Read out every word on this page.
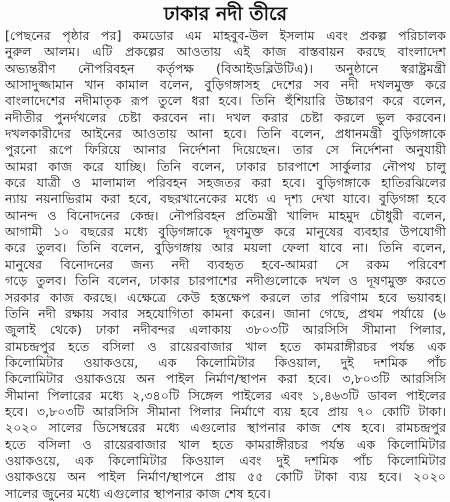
ঢাকার নদী তীরে
[পেছনের পৃষ্ঠার পর] কমডোর এম মাহবুব-উল ইসলাম এবং প্রকল্প পরিচালক
নুরুল আলম। এটি প্রকল্পের আওতায় এই কাজ বাস্তবায়ন করছে বাংলাদেশ
অভ্যন্তরীণ নৌপরিবহন কর্তৃপক্ষ (বিআইডব্লিউটিএ)। অনুষ্ঠানে স্বরাষ্ট্রমন্ত্রী
আসাদুজ্জামান খান কামাল বলেন, বুড়িগঙ্গাসহ দেশের সব নদী দখলমুক্ত করে
বাংলাদেশের নদীমাতৃক রূপ তুলে ধরা হবে। তিনি হুঁশিয়ারি উচ্চারণ করে বলেন,
নদীতীর পুনর্দখলের চেষ্টা করবেন না। দখল করার চেষ্টা করলে ভুল করবেন।
দখলকারীদের আইনের আওতায় আনা হবে। তিনি বলেন, প্রধানমন্ত্রী বুড়িগঙ্গাকে
পুরনো রূপে ফিরিয়ে আনার নির্দেশনা দিয়েছেন। তার সে নির্দেশনা অনুযায়ী
আমরা কাজ করে যাচ্ছি। তিনি বলেন, ঢাকার চারপাশে সার্কুলার নৌপথ চালু
করে যাত্রী ও মালামাল পরিবহন সহজতর করা হবে। বুড়িগঙ্গাকে হাতিরঝিলের
ন্যায় নয়নাভিরাম করা হবে, বছরখানেকের মধ্যে এ দৃশ্য দেখা যাবে। বুড়িগঙ্গা হবে
আনন্দ ও বিনোদনের কেন্দ্র। নৌপরিবহন প্রতিমন্ত্রী খালিদ মাহমুদ চৌধুরী বলেন,
আগামী ১০ বছরের মধ্যে বুড়িগঙ্গাকে দূষণমুক্ত করে মানুষের ব্যবহার উপযোগী
করে তুলব। তিনি বলেন, বুড়িগঙ্গায় আর ময়লা ফেলা যাবে না। তিনি বলেন,
মানুষের বিনোদনের জন্য নদী ব্যবহৃত হবে-আমরা সে রকম পরিবেশ
গড়ে তুলব। তিনি বলেন, ঢাকার চারপাশের নদীগুলোকে দখল ও দূষণমুক্ত করতে
সরকার কাজ করছে। এক্ষেত্রে কেউ হস্তক্ষেপ করলে তার পরিণাম হবে ভয়াবহ।
তিনি নদী রক্ষায় সবার সহযোগিতা কামনা করেন। জানা গেছে, প্রথম পর্যায়ে (৬
জুলাই থেকে) ঢাকা নদীবন্দর এলাকায় ৩৮০৩টি আরসিসি সীমানা পিলার,
রামচন্দ্রপুর হতে বসিলা ও রায়েরবাজার খাল হতে কামরাঙ্গীরচর পর্যন্ত এক
কিলোমিটার ওয়াকওয়ে, এক কিলোমিটার কিওয়াল, দুই দশমিক পাঁচ
কিলোমিটার ওয়াকওয়ে অন পাইল নির্মাণ/স্থাপন করা হবে। ৩,৮০৩টি আরসিসি
সীমানা পিলারের মধ্যে ২,৩৪০টি সিঙ্গেল পাইলের এবং ১,৪৬৩টি ডাবল পাইলের
হবে। ৩,৮০৩টি আরসিসি সীমানা পিলার নির্মাণে ব্যয় হবে প্রায় ৭০ কোটি টাকা।
২০২০ সালের ডিসেম্বরের মধ্যে এগুলোর স্থাপনার কাজ শেষ হবে। রামচন্দ্রপুর
হতে বসিলা ও রায়েরবাজার খাল হতে কামরাঙ্গীরচর পর্যন্ত এক কিলোমিটার
ওয়াকওয়ে, এক কিলোমিটার কিওয়াল এবং দুই দশমিক পাঁচ কিলোমিটার
ওয়াকওয়ে অন পাইল নির্মাণ/স্থাপনে প্রায় ৫৫ কোটি টাকা ব্যয় হবে। ২০২০
সালের জুনের মধ্যে এগুলোর স্থাপনার কাজ শেষ হবে।
